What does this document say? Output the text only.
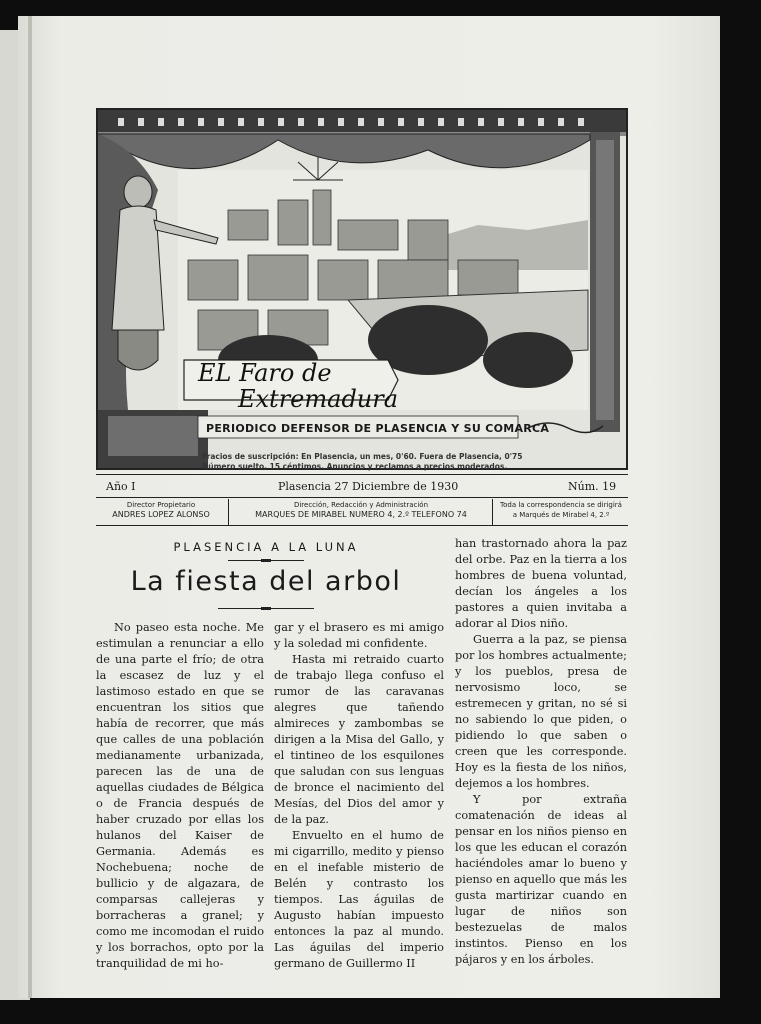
EL Faro de
Extremadura
PERIODICO DEFENSOR DE PLASENCIA Y SU COMARCA
Fracios de suscripción: En Plasencia, un mes, 0'60. Fuera de Plasencia, 0'75
Número suelto, 15 céntimos. Anuncios y reclamos a precios moderados.
Año I	Plasencia 27 Diciembre de 1930	Núm. 19
Director Propietario
ANDRES LOPEZ ALONSO
Dirección, Redacción y Administración
MARQUES DE MIRABEL NUMERO 4, 2.º TELEFONO 74
Toda la correspondencia se dirigirá
a Marqués de Mirabel 4, 2.º
PLASENCIA A LA LUNA
La fiesta del arbol

No paseo esta noche. Me estimulan a renunciar a ello de una parte el frío; de otra la escasez de luz y el lastimoso estado en que se encuentran los sitios que había de recorrer, que más que calles de una población medianamente urbanizada, parecen las de una de aquellas ciudades de Bélgica o de Francia después de haber cruzado por ellas los hulanos del Kaiser de Germania. Además es Nochebuena; noche de bullicio y de algazara, de comparsas callejeras y borracheras a granel; y como me incomodan el ruido y los borrachos, opto por la tranquilidad de mi ho-

gar y el brasero es mi amigo y la soledad mi confidente.

Hasta mi retraido cuarto de trabajo llega confuso el rumor de las caravanas alegres que tañendo almireces y zambombas se dirigen a la Misa del Gallo, y el tintineo de los esquilones que saludan con sus lenguas de bronce el nacimiento del Mesías, del Dios del amor y de la paz.

Envuelto en el humo de mi cigarrillo, medito y pienso en el inefable misterio de Belén y contrasto los tiempos. Las águilas de Augusto habían impuesto entonces la paz al mundo. Las águilas del imperio germano de Guillermo II

han trastornado ahora la paz del orbe. Paz en la tierra a los hombres de buena voluntad, decían los ángeles a los pastores a quien invitaba a adorar al Dios niño.

Guerra a la paz, se piensa por los hombres actualmente; y los pueblos, presa de nervosismo loco, se estremecen y gritan, no sé si no sabiendo lo que piden, o pidiendo lo que saben o creen que les corresponde. Hoy es la fiesta de los niños, dejemos a los hombres.

Y por extraña comatenación de ideas al pensar en los niños pienso en los que les educan el corazón haciéndoles amar lo bueno y pienso en aquello que más les gusta martirizar cuando en lugar de niños son bestezuelas de malos instintos. Pienso en los pájaros y en los árboles.
